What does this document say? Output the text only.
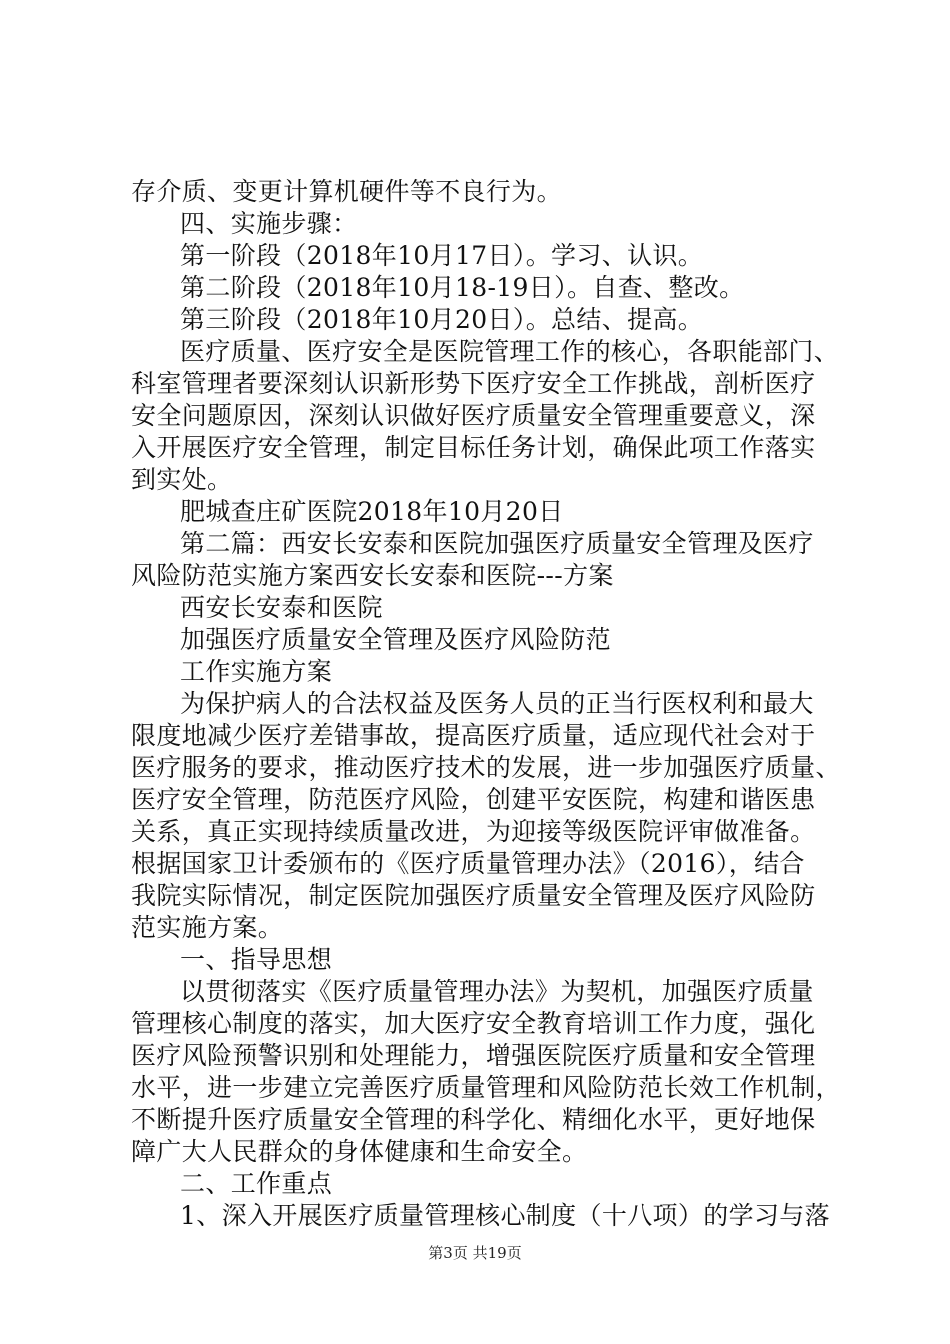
存介质、变更计算机硬件等不良行为。
四、实施步骤：
第一阶段（2018年10月17日）。学习、认识。
第二阶段（2018年10月18-19日）。自查、整改。
第三阶段（2018年10月20日）。总结、提高。
医疗质量、医疗安全是医院管理工作的核心，各职能部门、
科室管理者要深刻认识新形势下医疗安全工作挑战，剖析医疗
安全问题原因，深刻认识做好医疗质量安全管理重要意义，深
入开展医疗安全管理，制定目标任务计划，确保此项工作落实
到实处。
肥城查庄矿医院2018年10月20日
第二篇：西安长安泰和医院加强医疗质量安全管理及医疗
风险防范实施方案西安长安泰和医院---方案
西安长安泰和医院
加强医疗质量安全管理及医疗风险防范
工作实施方案
为保护病人的合法权益及医务人员的正当行医权利和最大
限度地减少医疗差错事故，提高医疗质量，适应现代社会对于
医疗服务的要求，推动医疗技术的发展，进一步加强医疗质量、
医疗安全管理，防范医疗风险，创建平安医院，构建和谐医患
关系，真正实现持续质量改进，为迎接等级医院评审做准备。
根据国家卫计委颁布的《医疗质量管理办法》（2016），结合
我院实际情况，制定医院加强医疗质量安全管理及医疗风险防
范实施方案。
一、指导思想
以贯彻落实《医疗质量管理办法》为契机，加强医疗质量
管理核心制度的落实，加大医疗安全教育培训工作力度，强化
医疗风险预警识别和处理能力，增强医院医疗质量和安全管理
水平，进一步建立完善医疗质量管理和风险防范长效工作机制，
不断提升医疗质量安全管理的科学化、精细化水平，更好地保
障广大人民群众的身体健康和生命安全。
二、工作重点
1、深入开展医疗质量管理核心制度（十八项）的学习与落
第3页 共19页
